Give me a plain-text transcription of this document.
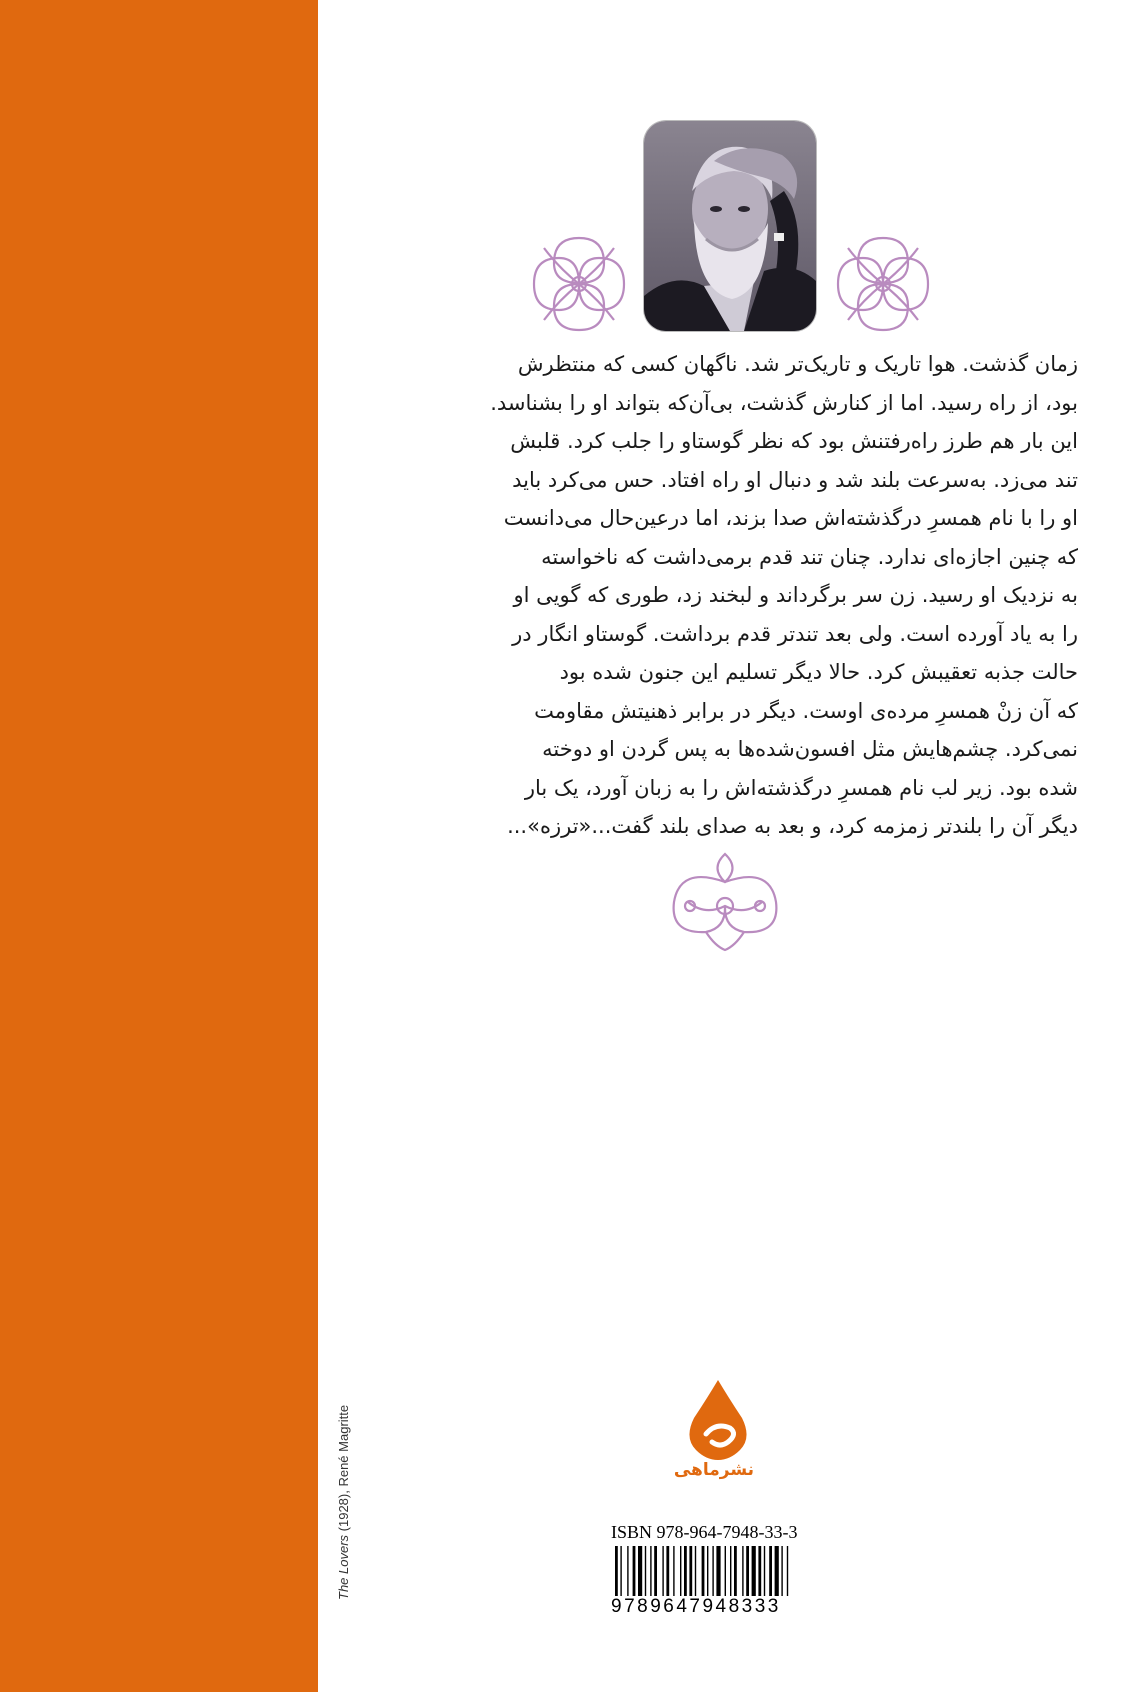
The Lovers (1928), René Magritte

زمان گذشت. هوا تاریک و تاریک‌تر شد. ناگهان کسی که منتظرش

بود، از راه رسید. اما از کنارش گذشت، بی‌آن‌که بتواند او را بشناسد.

این بار هم طرز راه‌رفتنش بود که نظر گوستاو را جلب کرد. قلبش

تند می‌زد. به‌سرعت بلند شد و دنبال او راه افتاد. حس می‌کرد باید

او را با نام همسرِ درگذشته‌اش صدا بزند، اما درعین‌حال می‌دانست

که چنین اجازه‌ای ندارد. چنان تند قدم برمی‌داشت که ناخواسته

به نزدیک او رسید. زن سر برگرداند و لبخند زد، طوری که گویی او

را به یاد آورده است. ولی بعد تندتر قدم برداشت. گوستاو انگار در

حالت جذبه تعقیبش کرد. حالا دیگر تسلیم این جنون شده بود

که آن زنْ همسرِ مرده‌ی اوست. دیگر در برابر ذهنیتش مقاومت

نمی‌کرد. چشم‌هایش مثل افسون‌شده‌ها به پس گردن او دوخته

شده بود. زیر لب نام همسرِ درگذشته‌اش را به زبان آورد، یک بار

دیگر آن را بلندتر زمزمه کرد، و بعد به صدای بلند گفت...«ترزه»...

نشرماهی
ISBN 978-964-7948-33-3
9789647948333
